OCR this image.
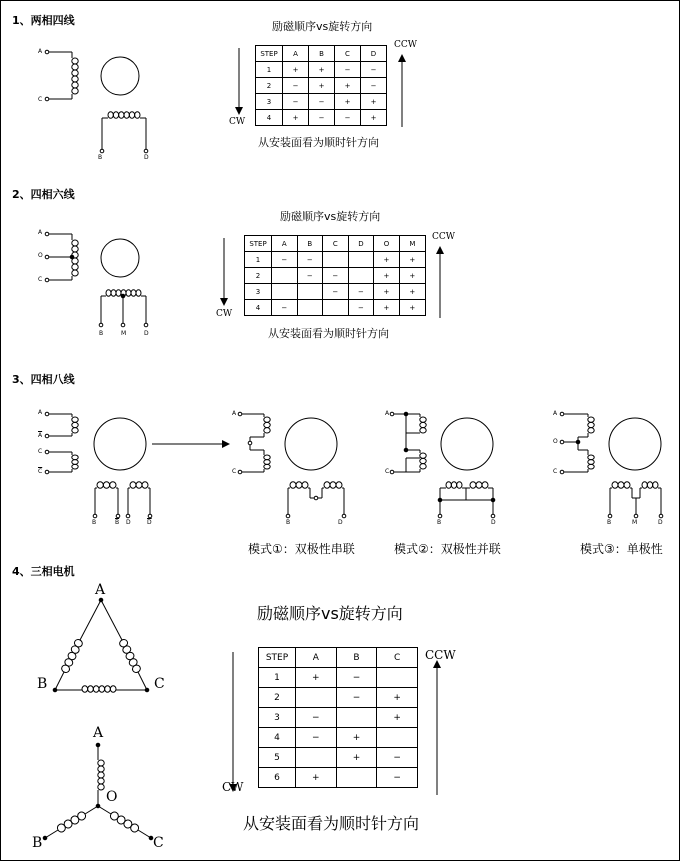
1、两相四线
2、四相六线
3、四相八线
4、三相电机
励磁顺序vs旋转方向
从安装面看为顺时针方向
CCW
CW
STEP	A	B	C	D
1	+	+	−	−
2	−	+	+	−
3	−	−	+	+
4	+	−	−	+
励磁顺序vs旋转方向
从安装面看为顺时针方向
CCW
CW
STEP	A	B	C	D	O	M
1	−	−			+	+
2		−	−		+	+
3			−	−	+	+
4	−			−	+	+
模式①：双极性串联	模式②：双极性并联	模式③：单极性
励磁顺序vs旋转方向
从安装面看为顺时针方向
CCW
CW
STEP	A	B	C
1	+	−	
2		−	+
3	−		+
4	−	+	
5		+	−
6	+		−
A
C
B	D
A
O
C
B	M	D
A
$\overline{A}$
C
$\overline{C}$
B	$\overline{B}$ D	$\overline{D}$
A
C
B	D
A
C
B	D
A
O
C
B	M	D
A
B	C
A
O
B	C
